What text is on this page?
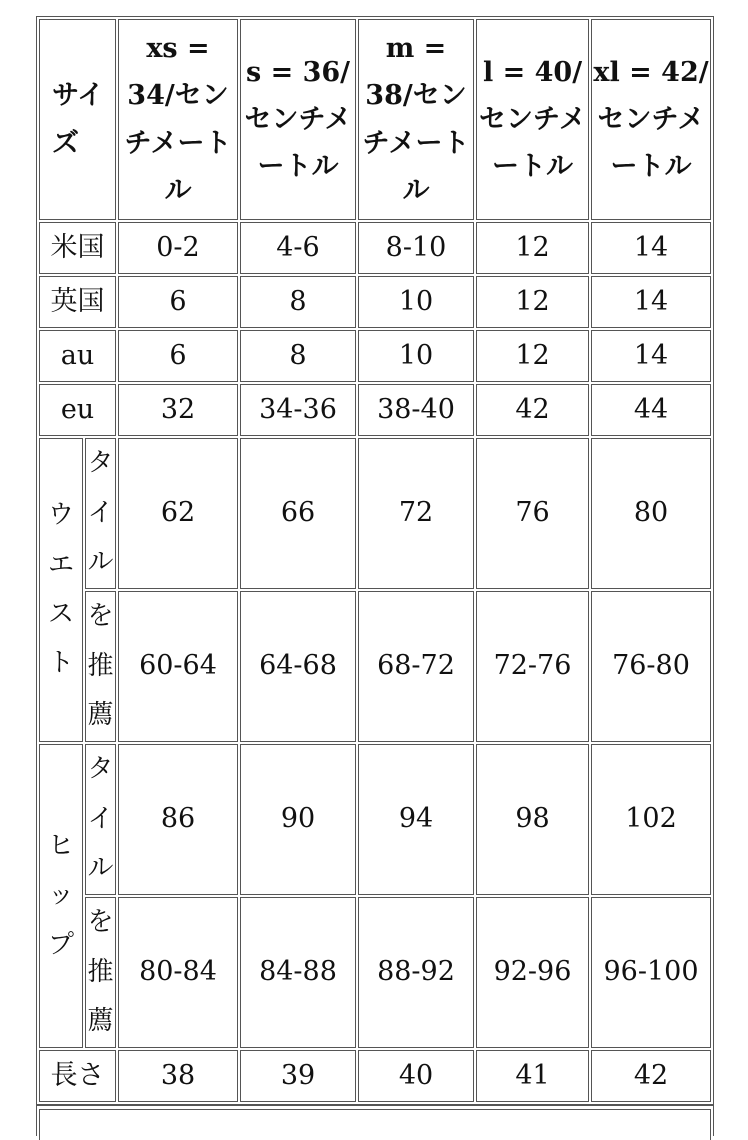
サイズ		xs = 34/センチメートル	s = 36/センチメートル	m = 38/センチメートル	l = 40/センチメートル	xl = 42/センチメートル
米国		0-2	4-6	8-10	12	14
英国		6	8	10	12	14
au		6	8	10	12	14
eu		32	34-36	38-40	42	44
ウエスト	タイル	62	66	72	76	80
	を推薦	60-64	64-68	68-72	72-76	76-80
ヒップ	タイル	86	90	94	98	102
	を推薦	80-84	84-88	88-92	92-96	96-100
長さ		38	39	40	41	42
